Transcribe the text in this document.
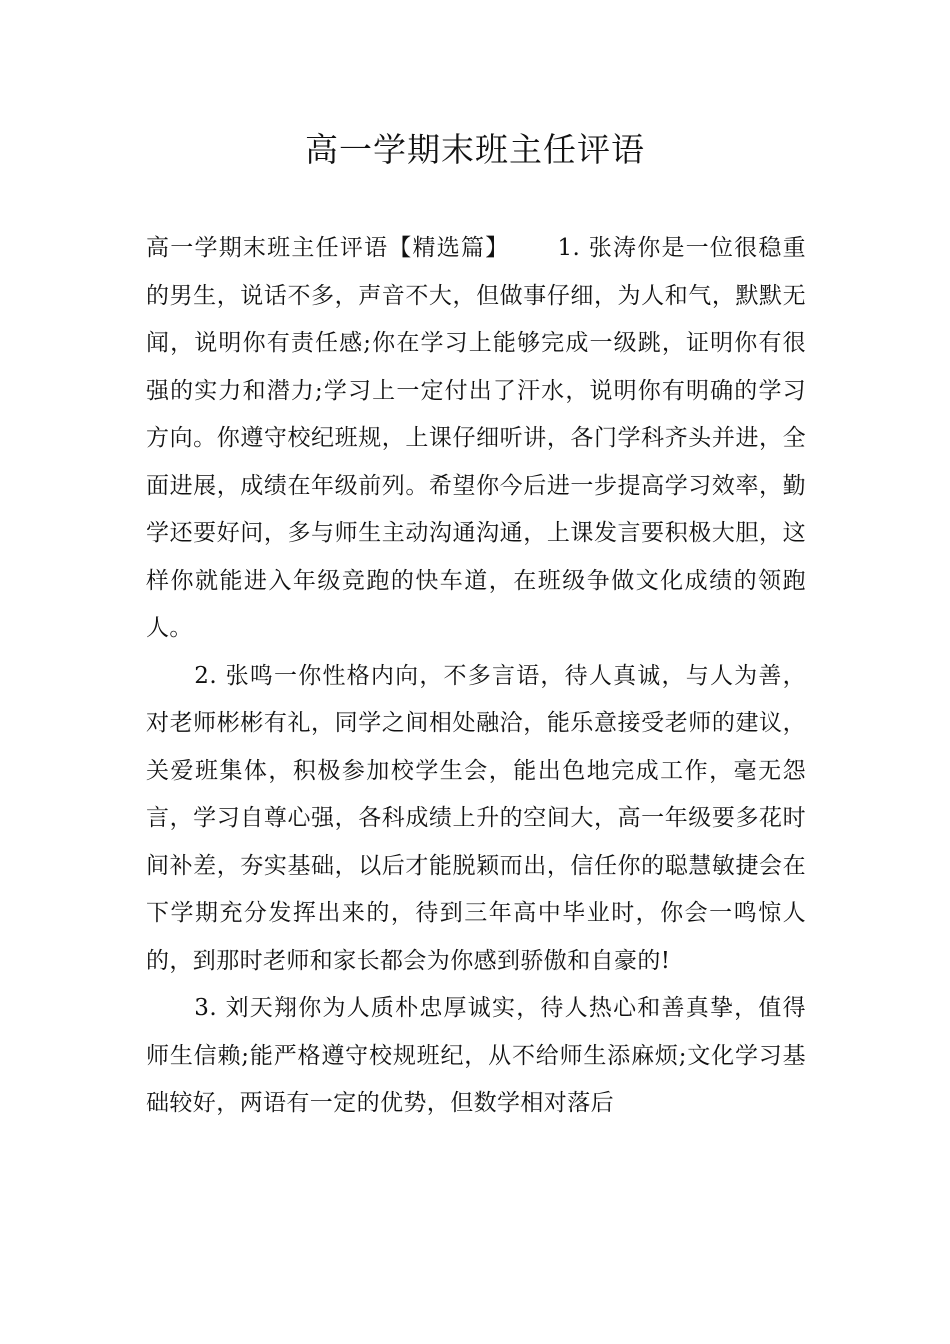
高一学期末班主任评语

高一学期末班主任评语【精选篇】 1. 张涛你是一位很稳重的男生，说话不多，声音不大，但做事仔细，为人和气，默默无闻，说明你有责任感;你在学习上能够完成一级跳，证明你有很强的实力和潜力;学习上一定付出了汗水，说明你有明确的学习方向。你遵守校纪班规，上课仔细听讲，各门学科齐头并进，全面进展，成绩在年级前列。希望你今后进一步提高学习效率，勤学还要好问，多与师生主动沟通沟通，上课发言要积极大胆，这样你就能进入年级竞跑的快车道，在班级争做文化成绩的领跑人。

2. 张鸣一你性格内向，不多言语，待人真诚，与人为善，对老师彬彬有礼，同学之间相处融洽，能乐意接受老师的建议，关爱班集体，积极参加校学生会，能出色地完成工作，毫无怨言，学习自尊心强，各科成绩上升的空间大，高一年级要多花时间补差，夯实基础，以后才能脱颖而出，信任你的聪慧敏捷会在下学期充分发挥出来的，待到三年高中毕业时，你会一鸣惊人的，到那时老师和家长都会为你感到骄傲和自豪的!

3. 刘天翔你为人质朴忠厚诚实，待人热心和善真挚，值得师生信赖;能严格遵守校规班纪，从不给师生添麻烦;文化学习基础较好，两语有一定的优势，但数学相对落后
